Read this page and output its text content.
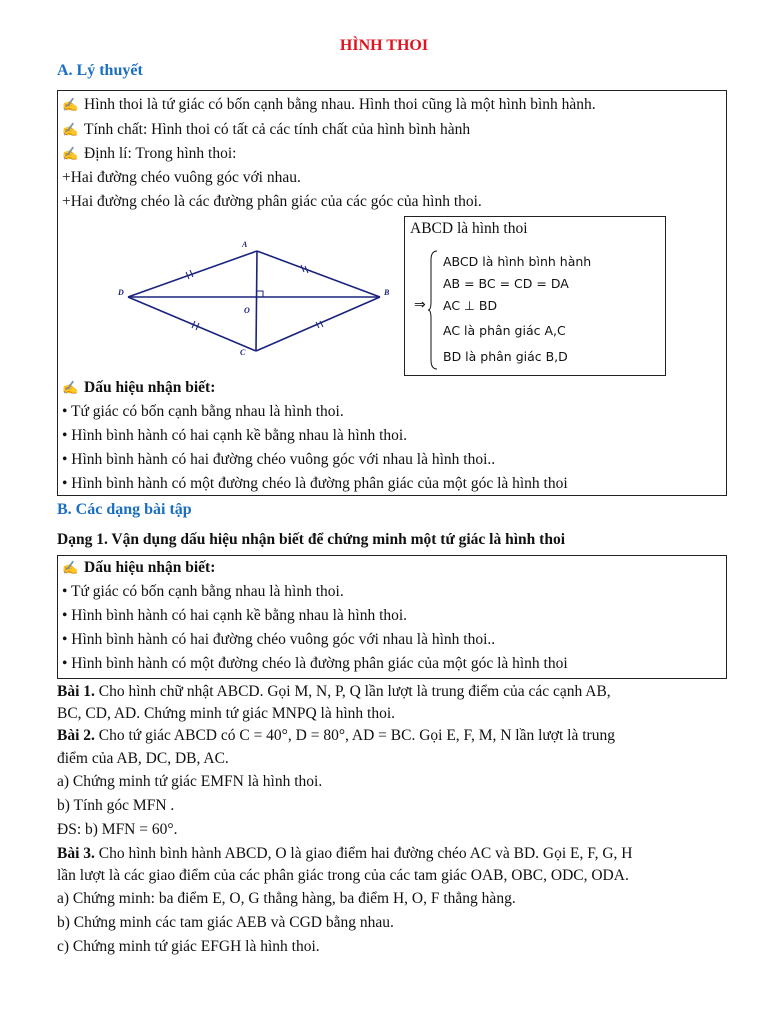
HÌNH THOI
A. Lý thuyết
✍ Hình thoi là tứ giác có bốn cạnh bằng nhau. Hình thoi cũng là một hình bình hành.
✍ Tính chất: Hình thoi có tất cả các tính chất của hình bình hành
✍ Định lí: Trong hình thoi:
+Hai đường chéo vuông góc với nhau.
+Hai đường chéo là các đường phân giác của các góc của hình thoi.
A
B
C
D
O
ABCD là hình thoi
⇒
ABCD là hình bình hành
AB = BC = CD = DA
AC ⊥ BD
AC là phân giác A,C
BD là phân giác B,D
✍ Dấu hiệu nhận biết:
• Tứ giác có bốn cạnh bằng nhau là hình thoi.
• Hình bình hành có hai cạnh kề bằng nhau là hình thoi.
• Hình bình hành có hai đường chéo vuông góc với nhau là hình thoi..
• Hình bình hành có một đường chéo là đường phân giác của một góc là hình thoi
B. Các dạng bài tập
Dạng 1. Vận dụng dấu hiệu nhận biết để chứng minh một tứ giác là hình thoi
✍ Dấu hiệu nhận biết:
• Tứ giác có bốn cạnh bằng nhau là hình thoi.
• Hình bình hành có hai cạnh kề bằng nhau là hình thoi.
• Hình bình hành có hai đường chéo vuông góc với nhau là hình thoi..
• Hình bình hành có một đường chéo là đường phân giác của một góc là hình thoi
Bài 1. Cho hình chữ nhật ABCD. Gọi M, N, P, Q lần lượt là trung điểm của các cạnh AB,
BC, CD, AD. Chứng minh tứ giác MNPQ là hình thoi.
Bài 2. Cho tứ giác ABCD có C = 40°, D = 80°, AD = BC. Gọi E, F, M, N lần lượt là trung
điểm của AB, DC, DB, AC.
a) Chứng minh tứ giác EMFN là hình thoi.
b) Tính góc MFN .
ĐS: b) MFN = 60°.
Bài 3. Cho hình bình hành ABCD, O là giao điểm hai đường chéo AC và BD. Gọi E, F, G, H
lần lượt là các giao điểm của các phân giác trong của các tam giác OAB, OBC, ODC, ODA.
a) Chứng minh: ba điểm E, O, G thẳng hàng, ba điểm H, O, F thẳng hàng.
b) Chứng minh các tam giác AEB và CGD bằng nhau.
c) Chứng minh tứ giác EFGH là hình thoi.
